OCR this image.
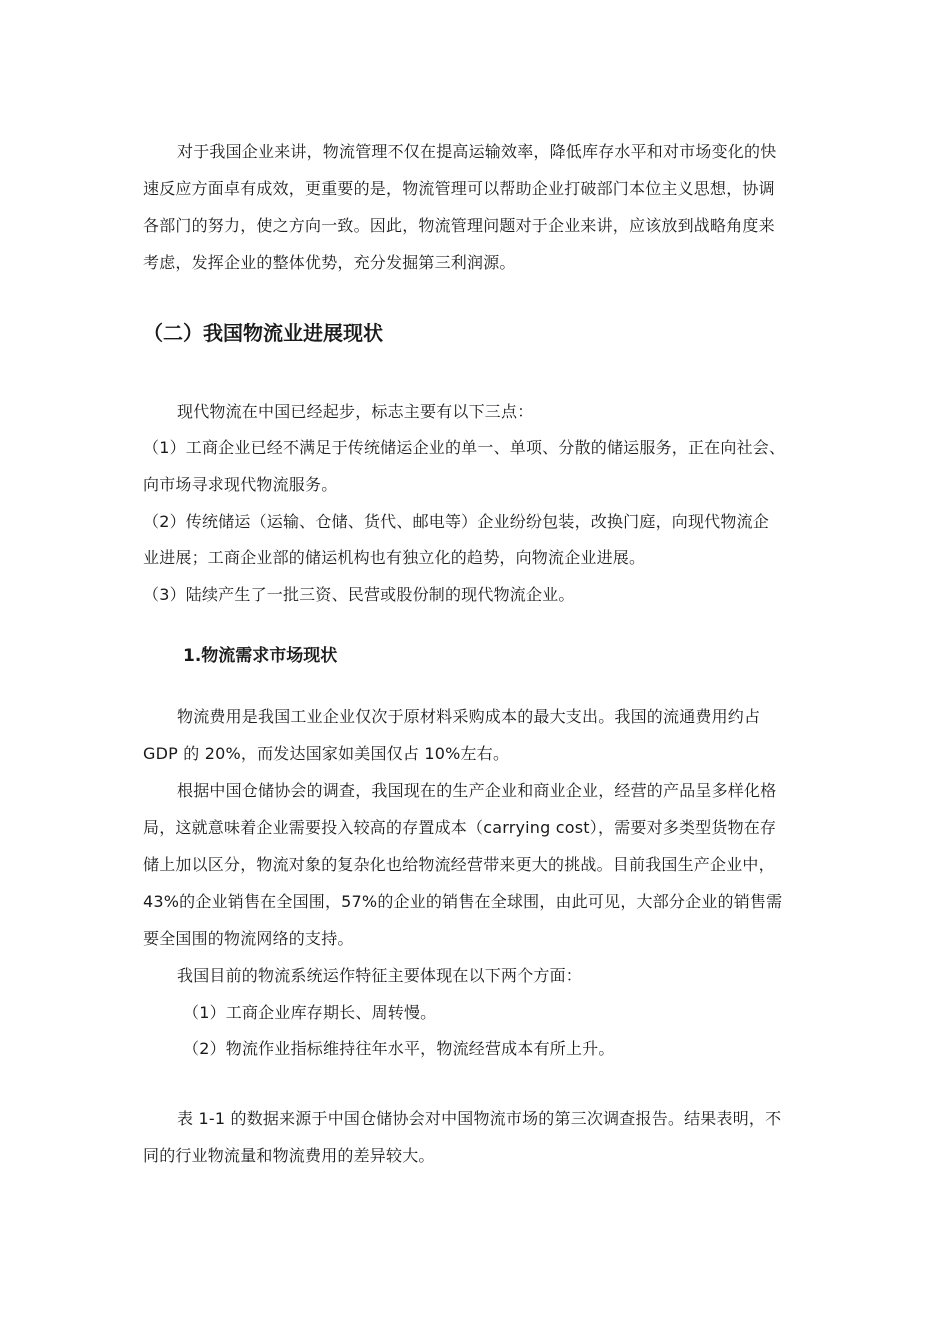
对于我国企业来讲，物流管理不仅在提高运输效率，降低库存水平和对市场变化的快
速反应方面卓有成效，更重要的是，物流管理可以帮助企业打破部门本位主义思想，协调
各部门的努力，使之方向一致。因此，物流管理问题对于企业来讲，应该放到战略角度来
考虑，发挥企业的整体优势，充分发掘第三利润源。
（二）我国物流业进展现状
现代物流在中国已经起步，标志主要有以下三点：
（1）工商企业已经不满足于传统储运企业的单一、单项、分散的储运服务，正在向社会、
向市场寻求现代物流服务。
（2）传统储运（运输、仓储、货代、邮电等）企业纷纷包装，改换门庭，向现代物流企
业进展；工商企业部的储运机构也有独立化的趋势，向物流企业进展。
（3）陆续产生了一批三资、民营或股份制的现代物流企业。
1.物流需求市场现状
物流费用是我国工业企业仅次于原材料采购成本的最大支出。我国的流通费用约占
GDP 的 20%，而发达国家如美国仅占 10%左右。
根据中国仓储协会的调查，我国现在的生产企业和商业企业，经营的产品呈多样化格
局，这就意味着企业需要投入较高的存置成本（carrying cost），需要对多类型货物在存
储上加以区分，物流对象的复杂化也给物流经营带来更大的挑战。目前我国生产企业中，
43%的企业销售在全国围，57%的企业的销售在全球围，由此可见，大部分企业的销售需
要全国围的物流网络的支持。
我国目前的物流系统运作特征主要体现在以下两个方面：
（1）工商企业库存期长、周转慢。
（2）物流作业指标维持往年水平，物流经营成本有所上升。
表 1-1 的数据来源于中国仓储协会对中国物流市场的第三次调查报告。结果表明，不
同的行业物流量和物流费用的差异较大。
